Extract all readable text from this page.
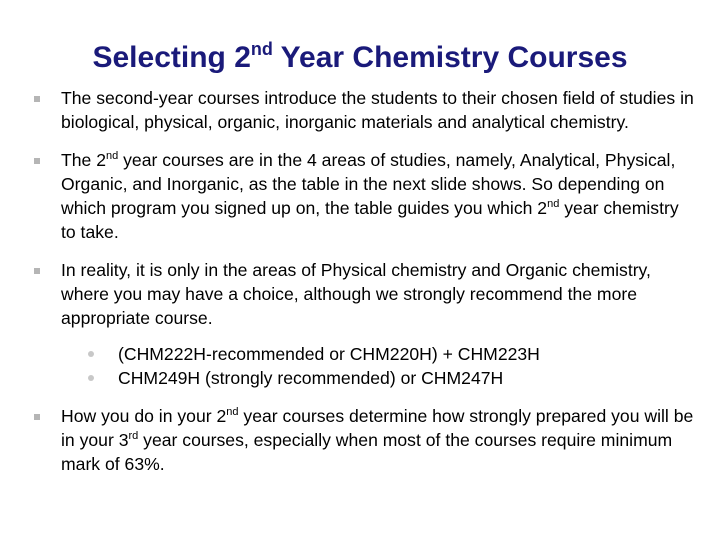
Selecting 2nd Year Chemistry Courses
The second-year courses introduce the students to their chosen field of studies in biological, physical, organic, inorganic materials and analytical chemistry.
The 2nd year courses are in the 4 areas of studies, namely, Analytical, Physical, Organic, and Inorganic, as the table in the next slide shows. So depending on which program you signed up on, the table guides you which 2nd year chemistry to take.
In reality, it is only in the areas of Physical chemistry and Organic chemistry, where you may have a choice, although we strongly recommend the more appropriate course.
(CHM222H-recommended or CHM220H) + CHM223H
CHM249H (strongly recommended) or CHM247H
How you do in your 2nd year courses determine how strongly prepared you will be in your 3rd year courses, especially when most of the courses require minimum mark of 63%.
